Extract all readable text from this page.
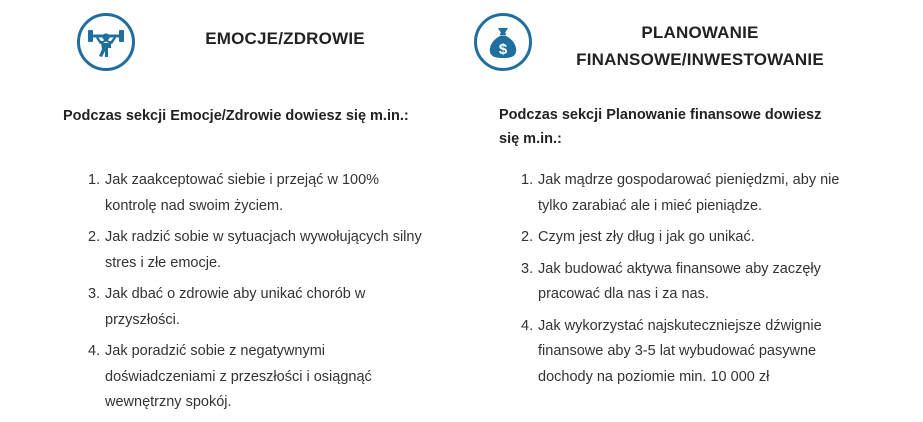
EMOCJE/ZDROWIE
Podczas sekcji Emocje/Zdrowie dowiesz się m.in.:
1. Jak zaakceptować siebie i przejąć w 100% kontrolę nad swoim życiem.
2. Jak radzić sobie w sytuacjach wywołujących silny stres i złe emocje.
3. Jak dbać o zdrowie aby unikać chorób w przyszłości.
4. Jak poradzić sobie z negatywnymi doświadczeniami z przeszłości i osiągnąć wewnętrzny spokój.
$
PLANOWANIE FINANSOWE/INWESTOWANIE
Podczas sekcji Planowanie finansowe dowiesz się m.in.:
1. Jak mądrze gospodarować pieniędzmi, aby nie tylko zarabiać ale i mieć pieniądze.
2. Czym jest zły dług i jak go unikać.
3. Jak budować aktywa finansowe aby zaczęły pracować dla nas i za nas.
4. Jak wykorzystać najskuteczniejsze dźwignie finansowe aby 3-5 lat wybudować pasywne dochody na poziomie min. 10 000 zł
